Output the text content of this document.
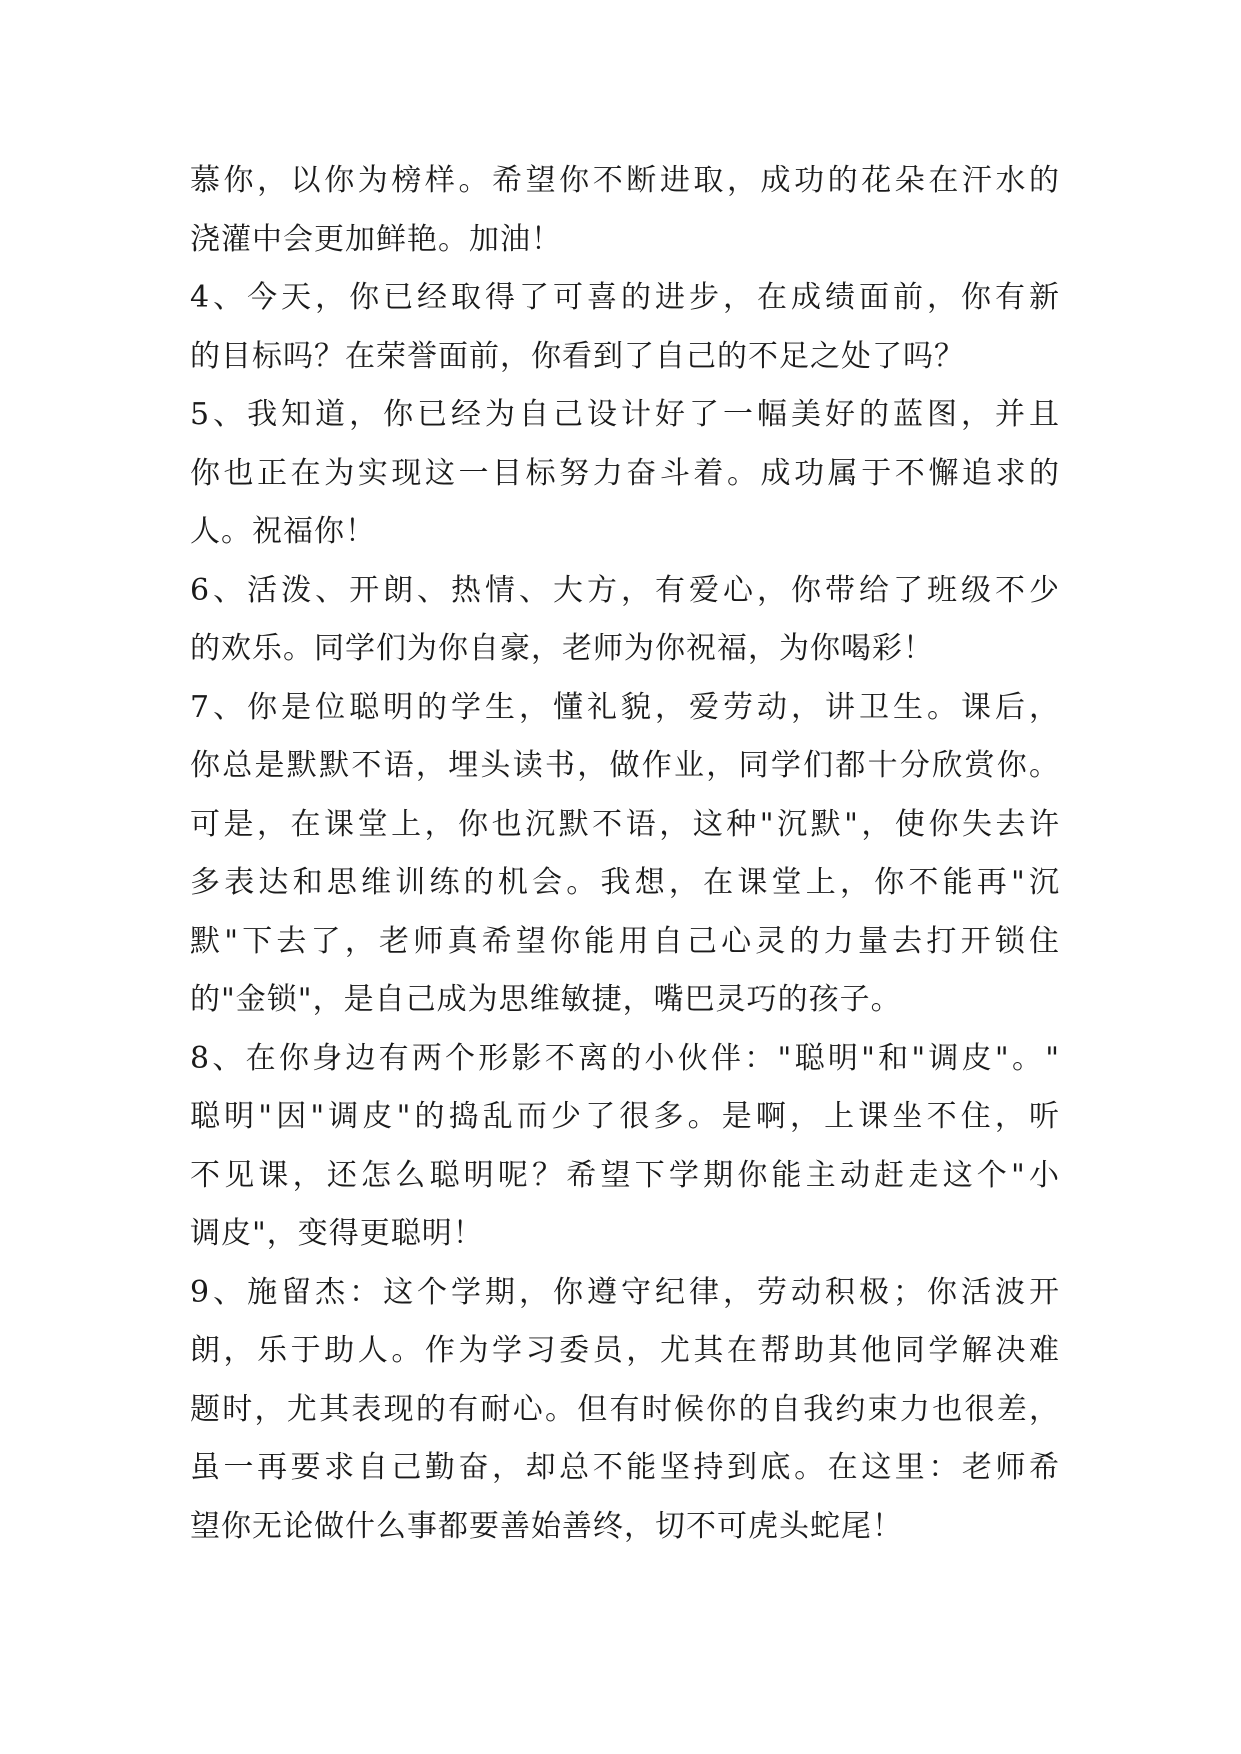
慕你，以你为榜样。希望你不断进取，成功的花朵在汗水的
浇灌中会更加鲜艳。加油！
4、今天，你已经取得了可喜的进步，在成绩面前，你有新
的目标吗？在荣誉面前，你看到了自己的不足之处了吗？
5、我知道，你已经为自己设计好了一幅美好的蓝图，并且
你也正在为实现这一目标努力奋斗着。成功属于不懈追求的
人。祝福你！
6、活泼、开朗、热情、大方，有爱心，你带给了班级不少
的欢乐。同学们为你自豪，老师为你祝福，为你喝彩！
7、你是位聪明的学生，懂礼貌，爱劳动，讲卫生。课后，
你总是默默不语，埋头读书，做作业，同学们都十分欣赏你。
可是，在课堂上，你也沉默不语，这种"沉默"，使你失去许
多表达和思维训练的机会。我想，在课堂上，你不能再"沉
默"下去了，老师真希望你能用自己心灵的力量去打开锁住
的"金锁"，是自己成为思维敏捷，嘴巴灵巧的孩子。
8、在你身边有两个形影不离的小伙伴："聪明"和"调皮"。"
聪明"因"调皮"的捣乱而少了很多。是啊，上课坐不住，听
不见课，还怎么聪明呢？希望下学期你能主动赶走这个"小
调皮"，变得更聪明！
9、施留杰：这个学期，你遵守纪律，劳动积极；你活波开
朗，乐于助人。作为学习委员，尤其在帮助其他同学解决难
题时，尤其表现的有耐心。但有时候你的自我约束力也很差，
虽一再要求自己勤奋，却总不能坚持到底。在这里：老师希
望你无论做什么事都要善始善终，切不可虎头蛇尾！
